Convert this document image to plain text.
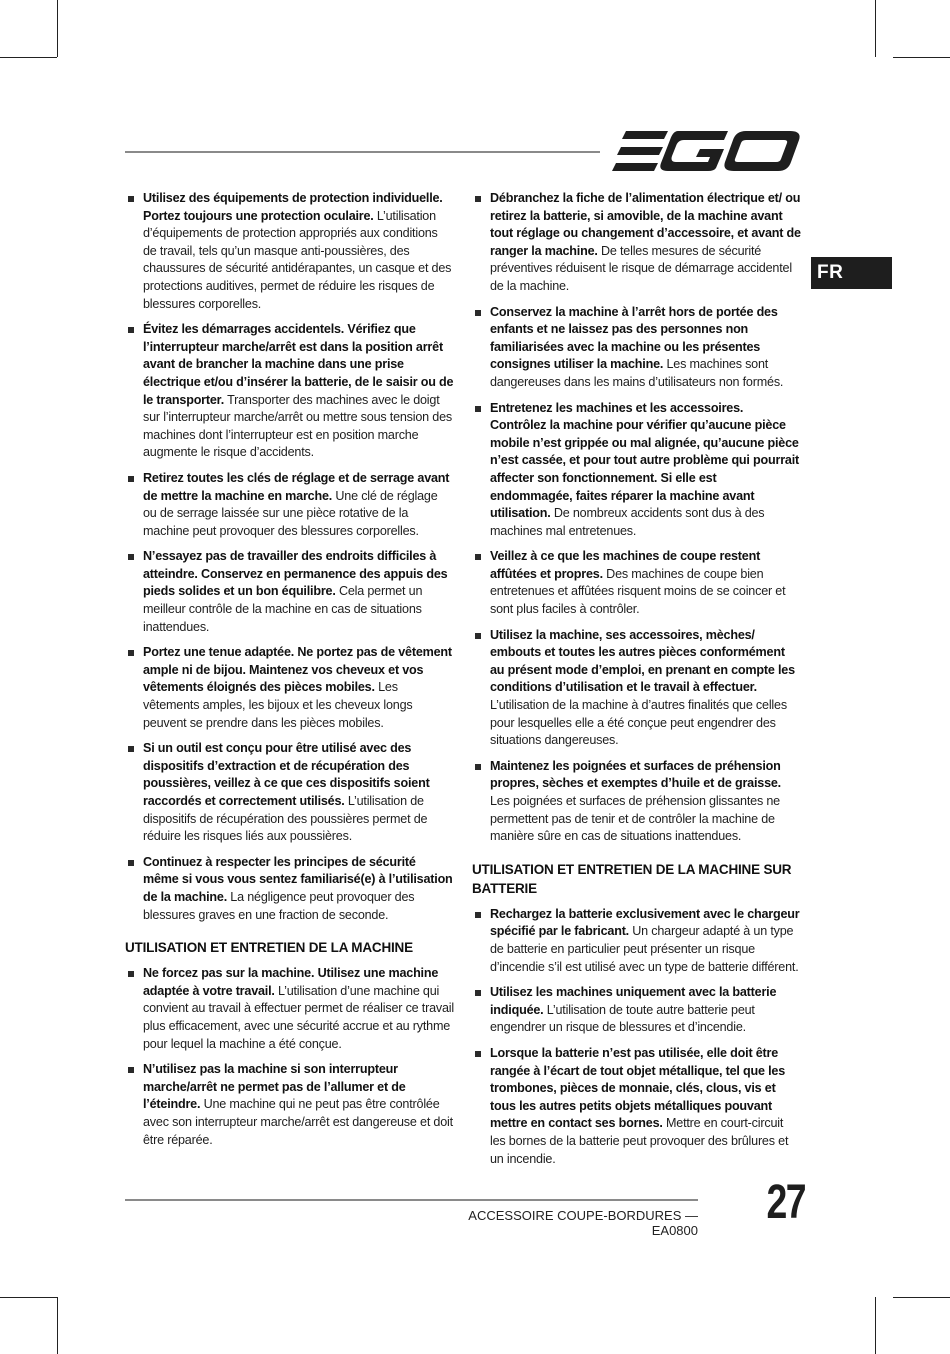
FR
Utilisez des équipements de protection individuelle. Portez toujours une protection oculaire. L’utilisation d’équipements de protection appropriés aux conditions de travail, tels qu’un masque anti-poussières, des chaussures de sécurité antidérapantes, un casque et des protections auditives, permet de réduire les risques de blessures corporelles.
Évitez les démarrages accidentels. Vérifiez que l’interrupteur marche/arrêt est dans la position arrêt avant de brancher la machine dans une prise électrique et/ou d’insérer la batterie, de le saisir ou de le transporter. Transporter des machines avec le doigt sur l’interrupteur marche/arrêt ou mettre sous tension des machines dont l’interrupteur est en position marche augmente le risque d’accidents.
Retirez toutes les clés de réglage et de serrage avant de mettre la machine en marche. Une clé de réglage ou de serrage laissée sur une pièce rotative de la machine peut provoquer des blessures corporelles.
N’essayez pas de travailler des endroits difficiles à atteindre. Conservez en permanence des appuis des pieds solides et un bon équilibre. Cela permet un meilleur contrôle de la machine en cas de situations inattendues.
Portez une tenue adaptée. Ne portez pas de vêtement ample ni de bijou. Maintenez vos cheveux et vos vêtements éloignés des pièces mobiles. Les vêtements amples, les bijoux et les cheveux longs peuvent se prendre dans les pièces mobiles.
Si un outil est conçu pour être utilisé avec des dispositifs d’extraction et de récupération des poussières, veillez à ce que ces dispositifs soient raccordés et correctement utilisés. L’utilisation de dispositifs de récupération des poussières permet de réduire les risques liés aux poussières.
Continuez à respecter les principes de sécurité même si vous vous sentez familiarisé(e) à l’utilisation de la machine. La négligence peut provoquer des blessures graves en une fraction de seconde.
UTILISATION ET ENTRETIEN DE LA MACHINE
Ne forcez pas sur la machine. Utilisez une machine adaptée à votre travail. L’utilisation d’une machine qui convient au travail à effectuer permet de réaliser ce travail plus efficacement, avec une sécurité accrue et au rythme pour lequel la machine a été conçue.
N’utilisez pas la machine si son interrupteur marche/arrêt ne permet pas de l’allumer et de l’éteindre. Une machine qui ne peut pas être contrôlée avec son interrupteur marche/arrêt est dangereuse et doit être réparée.
Débranchez la fiche de l’alimentation électrique et/ ou retirez la batterie, si amovible, de la machine avant tout réglage ou changement d’accessoire, et avant de ranger la machine. De telles mesures de sécurité préventives réduisent le risque de démarrage accidentel de la machine.
Conservez la machine à l’arrêt hors de portée des enfants et ne laissez pas des personnes non familiarisées avec la machine ou les présentes consignes utiliser la machine. Les machines sont dangereuses dans les mains d’utilisateurs non formés.
Entretenez les machines et les accessoires. Contrôlez la machine pour vérifier qu’aucune pièce mobile n’est grippée ou mal alignée, qu’aucune pièce n’est cassée, et pour tout autre problème qui pourrait affecter son fonctionnement. Si elle est endommagée, faites réparer la machine avant utilisation. De nombreux accidents sont dus à des machines mal entretenues.
Veillez à ce que les machines de coupe restent affûtées et propres. Des machines de coupe bien entretenues et affûtées risquent moins de se coincer et sont plus faciles à contrôler.
Utilisez la machine, ses accessoires, mèches/ embouts et toutes les autres pièces conformément au présent mode d’emploi, en prenant en compte les conditions d’utilisation et le travail à effectuer. L’utilisation de la machine à d’autres finalités que celles pour lesquelles elle a été conçue peut engendrer des situations dangereuses.
Maintenez les poignées et surfaces de préhension propres, sèches et exemptes d’huile et de graisse. Les poignées et surfaces de préhension glissantes ne permettent pas de tenir et de contrôler la machine de manière sûre en cas de situations inattendues.
UTILISATION ET ENTRETIEN DE LA MACHINE SUR BATTERIE
Rechargez la batterie exclusivement avec le chargeur spécifié par le fabricant. Un chargeur adapté à un type de batterie en particulier peut présenter un risque d’incendie s’il est utilisé avec un type de batterie différent.
Utilisez les machines uniquement avec la batterie indiquée. L’utilisation de toute autre batterie peut engendrer un risque de blessures et d’incendie.
Lorsque la batterie n’est pas utilisée, elle doit être rangée à l’écart de tout objet métallique, tel que les trombones, pièces de monnaie, clés, clous, vis et tous les autres petits objets métalliques pouvant mettre en contact ses bornes. Mettre en court-circuit les bornes de la batterie peut provoquer des brûlures et un incendie.
ACCESSOIRE COUPE-BORDURES — EA0800
27
